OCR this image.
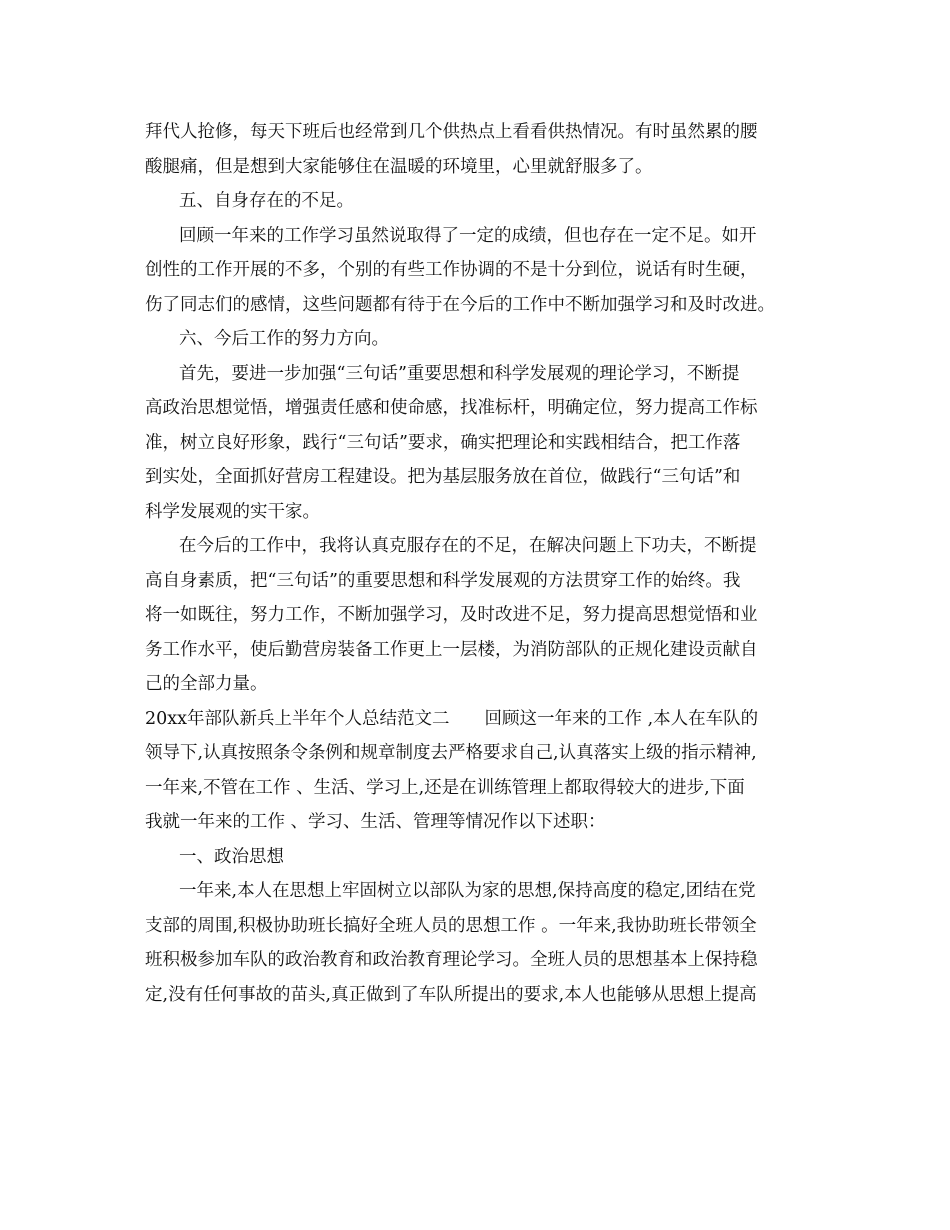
拜代人抢修，每天下班后也经常到几个供热点上看看供热情况。有时虽然累的腰
酸腿痛，但是想到大家能够住在温暖的环境里，心里就舒服多了。
五、自身存在的不足。
回顾一年来的工作学习虽然说取得了一定的成绩，但也存在一定不足。如开
创性的工作开展的不多，个别的有些工作协调的不是十分到位，说话有时生硬，
伤了同志们的感情，这些问题都有待于在今后的工作中不断加强学习和及时改进。
六、今后工作的努力方向。
首先，要进一步加强“三句话”重要思想和科学发展观的理论学习，不断提
高政治思想觉悟，增强责任感和使命感，找准标杆，明确定位，努力提高工作标
准，树立良好形象，践行“三句话”要求，确实把理论和实践相结合，把工作落
到实处，全面抓好营房工程建设。把为基层服务放在首位，做践行“三句话”和
科学发展观的实干家。
在今后的工作中，我将认真克服存在的不足，在解决问题上下功夫，不断提
高自身素质，把“三句话”的重要思想和科学发展观的方法贯穿工作的始终。我
将一如既往，努力工作，不断加强学习，及时改进不足，努力提高思想觉悟和业
务工作水平，使后勤营房装备工作更上一层楼，为消防部队的正规化建设贡献自
己的全部力量。
20xx年部队新兵上半年个人总结范文二　　回顾这一年来的工作 ,本人在车队的
领导下,认真按照条令条例和规章制度去严格要求自己,认真落实上级的指示精神,
一年来,不管在工作 、生活、学习上,还是在训练管理上都取得较大的进步,下面
我就一年来的工作 、学习、生活、管理等情况作以下述职：
一、政治思想
一年来,本人在思想上牢固树立以部队为家的思想,保持高度的稳定,团结在党
支部的周围,积极协助班长搞好全班人员的思想工作 。一年来,我协助班长带领全
班积极参加车队的政治教育和政治教育理论学习。全班人员的思想基本上保持稳
定,没有任何事故的苗头,真正做到了车队所提出的要求,本人也能够从思想上提高
